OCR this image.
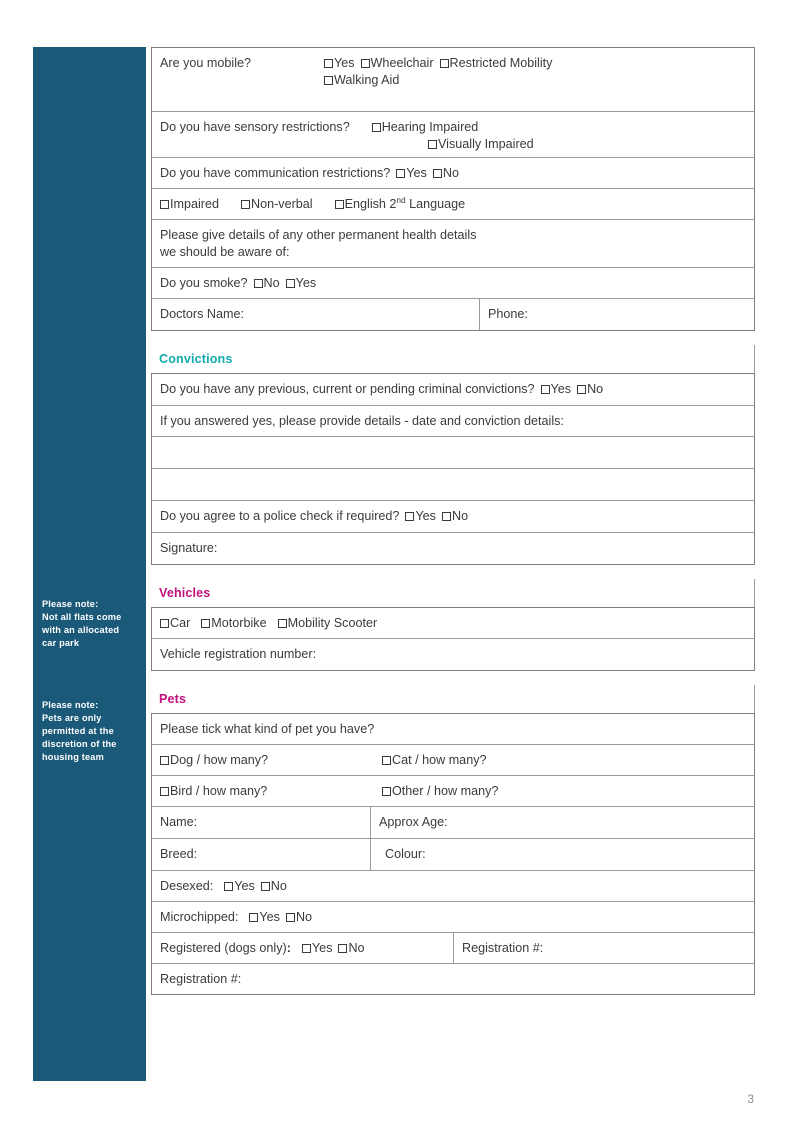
Please note:
Not all flats come
with an allocated
car park
Please note:
Pets are only
permitted at the
discretion of the
housing team
Are you mobile?	Yes Wheelchair Restricted Mobility
Walking Aid
Do you have sensory restrictions?	Hearing Impaired
Visually Impaired
Do you have communication restrictions? Yes No
Impaired	Non-verbal	English 2nd Language
Please give details of any other permanent health details
we should be aware of:
Do you smoke? No Yes
Doctors Name:	Phone:
Convictions
Do you have any previous, current or pending criminal convictions? Yes No
If you answered yes, please provide details - date and conviction details:
Do you agree to a police check if required? Yes No
Signature:
Vehicles
Car Motorbike Mobility Scooter
Vehicle registration number:
Pets
Please tick what kind of pet you have?
Dog / how many?	Cat / how many?
Bird / how many?	Other / how many?
Name:	Approx Age:
Breed:	Colour:
Desexed: Yes No
Microchipped: Yes No
Registered (dogs only): Yes No	Registration #:
Registration #:
3
